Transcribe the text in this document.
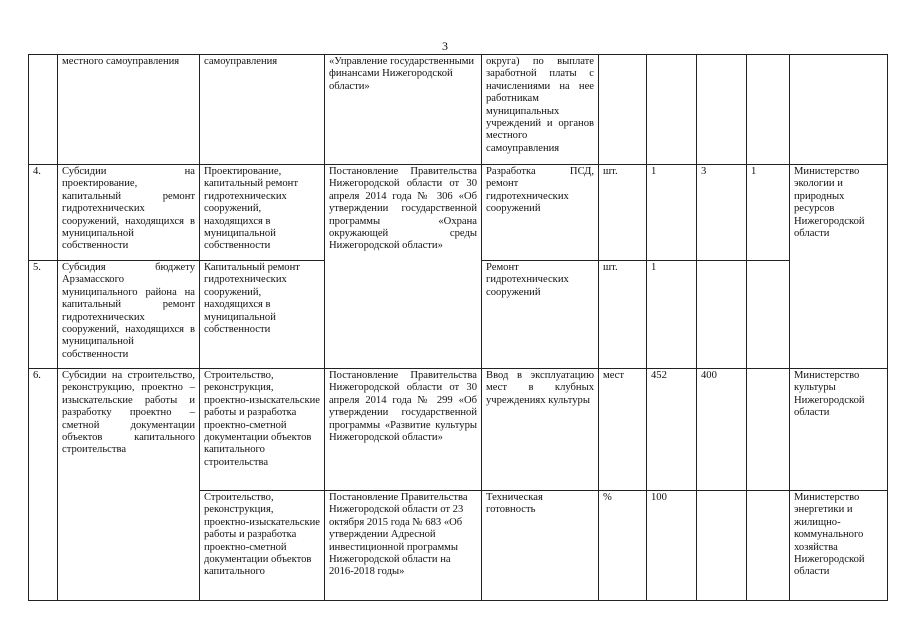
3
	местного самоуправления	самоуправления	«Управление государственными финансами Нижегородской области»	округа) по выплате заработной платы с начислениями на нее работникам муниципальных учреждений и органов местного самоуправления					
4.	Субсидии на проектирование, капитальный ремонт гидротехнических сооружений, находящихся в муниципальной собственности	Проектирование, капитальный ремонт гидротехнических сооружений, находящихся в муниципальной собственности	Постановление Правительства Нижегородской области от 30 апреля 2014 года № 306 «Об утверждении государственной программы «Охрана окружающей среды Нижегородской области»	Разработка ПСД, ремонт гидротехнических сооружений	шт.	1	3	1	Министерство экологии и природных ресурсов Нижегородской области
5.	Субсидия бюджету Арзамасского муниципального района на капитальный ремонт гидротехнических сооружений, находящихся в муниципальной собственности	Капитальный ремонт гидротехнических сооружений, находящихся в муниципальной собственности		Ремонт гидротехнических сооружений	шт.	1			
6.	Субсидии на строительство, реконструкцию, проектно – изыскательские работы и разработку проектно – сметной документации объектов капитального строительства	Строительство, реконструкция, проектно-изыскательские работы и разработка проектно-сметной документации объектов капитального строительства	Постановление Правительства Нижегородской области от 30 апреля 2014 года № 299 «Об утверждении государственной программы «Развитие культуры Нижегородской области»	Ввод в эксплуатацию мест в клубных учреждениях культуры	мест	452	400		Министерство культуры Нижегородской области
		Строительство, реконструкция, проектно-изыскательские работы и разработка проектно-сметной документации объектов капитального	Постановление Правительства Нижегородской области от 23 октября 2015 года № 683 «Об утверждении Адресной инвестиционной программы Нижегородской области на 2016-2018 годы»	Техническая готовность	%	100			Министерство энергетики и жилищно-коммунального хозяйства Нижегородской области
